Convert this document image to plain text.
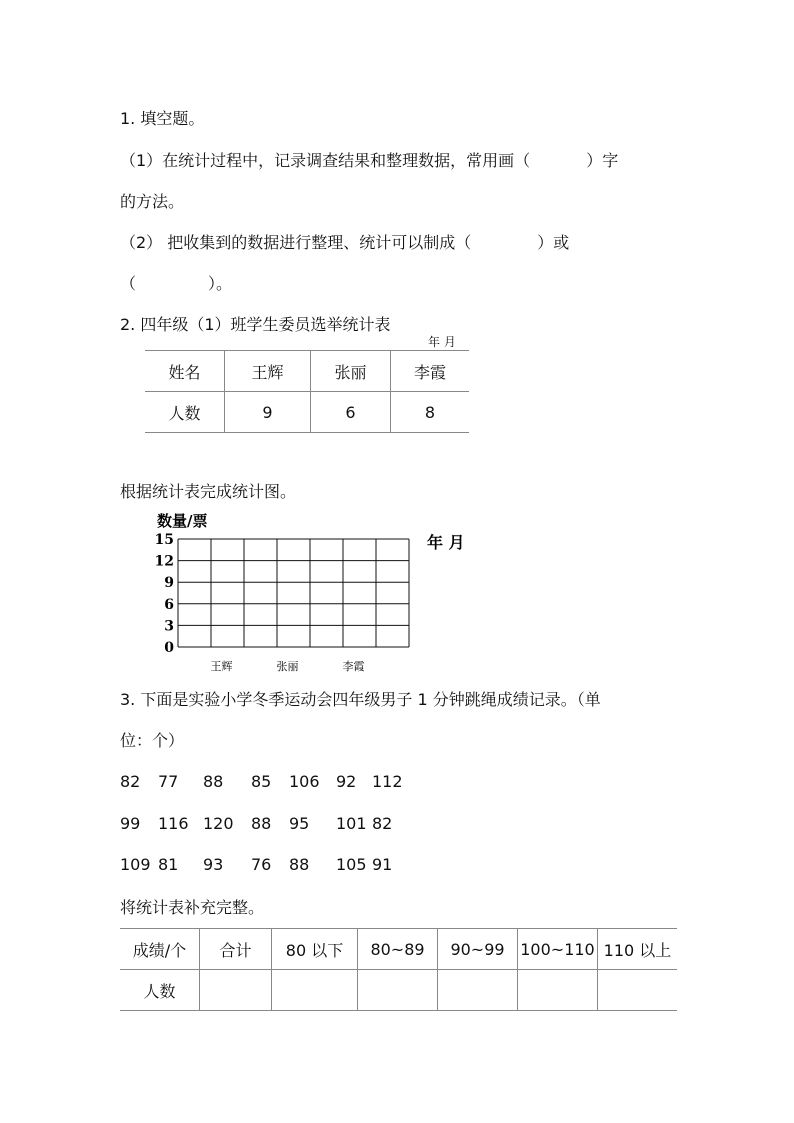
1. 填空题。
（1）在统计过程中，记录调查结果和整理数据，常用画（	）字
的方法。
（2） 把收集到的数据进行整理、统计可以制成（	）或
（	）。
2. 四年级（1）班学生委员选举统计表
年 月
姓名	王辉	张丽	李霞
人数	9	6	8
根据统计表完成统计图。
数量/票
15
12
9
6
3
0
王辉	张丽	李霞
年 月
3. 下面是实验小学冬季运动会四年级男子 1 分钟跳绳成绩记录。（单
位：个）
82 77 88 85 106 92 112
99 116 120 88 95 101 82
109 81 93 76 88 105 91
将统计表补充完整。
成绩/个	合计	80 以下	80~89	90~99	100~110	110 以上
人数						
